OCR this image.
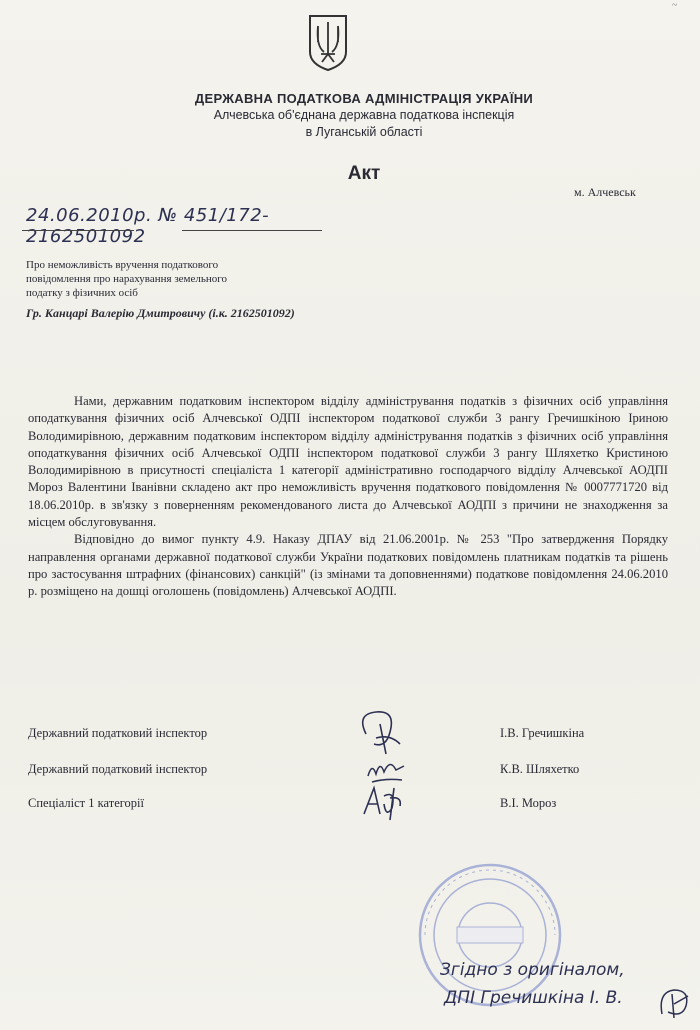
~
ДЕРЖАВНА ПОДАТКОВА АДМІНІСТРАЦІЯ УКРАЇНИ
Алчевська об'єднана державна податкова інспекція
в Луганській області
Акт
м. Алчевськ
24.06.2010р. № 451/172-2162501092
Про неможливість вручення податкового
повідомлення про нарахування земельного
податку з фізичних осіб
Гр. Канцарі Валерію Дмитровичу (і.к. 2162501092)

Нами, державним податковим інспектором відділу адміністрування податків з фізичних осіб управління оподаткування фізичних осіб Алчевської ОДПІ інспектором податкової служби 3 рангу Гречишкіною Іриною Володимирівною, державним податковим інспектором відділу адміністрування податків з фізичних осіб управління оподаткування фізичних осіб Алчевської ОДПІ інспектором податкової служби 3 рангу Шляхетко Кристиною Володимирівною в присутності спеціаліста 1 категорії адміністративно господарчого відділу Алчевської АОДПІ Мороз Валентини Іванівни складено акт про неможливість вручення податкового повідомлення № 0007771720 від 18.06.2010р. в зв'язку з поверненням рекомендованого листа до Алчевської АОДПІ з причини не знаходження за місцем обслуговування.

Відповідно до вимог пункту 4.9. Наказу ДПАУ від 21.06.2001р. № 253 "Про затвердження Порядку направлення органами державної податкової служби України податкових повідомлень платникам податків та рішень про застосування штрафних (фінансових) санкцій" (із змінами та доповненнями) податкове повідомлення 24.06.2010 р. розміщено на дошці оголошень (повідомлень) Алчевської АОДПІ.

Державний податковий інспектор	І.В. Гречишкіна
Державний податковий інспектор	К.В. Шляхетко
Спеціаліст 1 категорії	В.І. Мороз
Згідно з оригіналом,
ДПІ Гречишкіна І. В.
